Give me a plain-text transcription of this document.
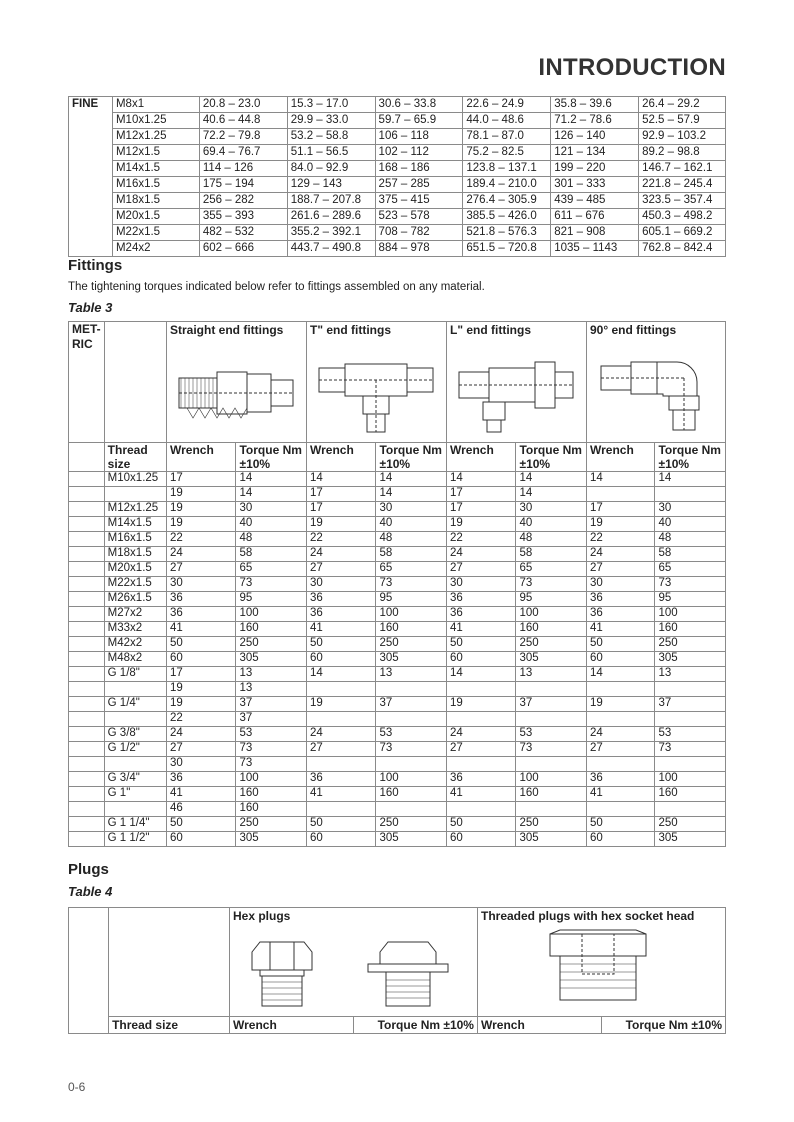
INTRODUCTION
FINE	M8x1	20.8 – 23.0	15.3 – 17.0	30.6 – 33.8	22.6 – 24.9	35.8 – 39.6	26.4 – 29.2
	M10x1.25	40.6 – 44.8	29.9 – 33.0	59.7 – 65.9	44.0 – 48.6	71.2 – 78.6	52.5 – 57.9
	M12x1.25	72.2 – 79.8	53.2 – 58.8	106 – 118	78.1 – 87.0	126 – 140	92.9 – 103.2
	M12x1.5	69.4 – 76.7	51.1 – 56.5	102 – 112	75.2 – 82.5	121 – 134	89.2 – 98.8
	M14x1.5	114 – 126	84.0 – 92.9	168 – 186	123.8 – 137.1	199 – 220	146.7 – 162.1
	M16x1.5	175 – 194	129 – 143	257 – 285	189.4 – 210.0	301 – 333	221.8 – 245.4
	M18x1.5	256 – 282	188.7 – 207.8	375 – 415	276.4 – 305.9	439 – 485	323.5 – 357.4
	M20x1.5	355 – 393	261.6 – 289.6	523 – 578	385.5 – 426.0	611 – 676	450.3 – 498.2
	M22x1.5	482 – 532	355.2 – 392.1	708 – 782	521.8 – 576.3	821 – 908	605.1 – 669.2
	M24x2	602 – 666	443.7 – 490.8	884 – 978	651.5 – 720.8	1035 – 1143	762.8 – 842.4
Fittings

The tightening torques indicated below refer to fittings assembled on any material.

Table 3

MET- RIC		Straight end fittings		T" end fittings		L" end fittings		90° end fittings	

	Thread size	Wrench	Torque Nm ±10%	Wrench	Torque Nm ±10%	Wrench	Torque Nm ±10%	Wrench	Torque Nm ±10%
	M10x1.25	17	14	14	14	14	14	14	14
		19	14	17	14	17	14		
	M12x1.25	19	30	17	30	17	30	17	30
	M14x1.5	19	40	19	40	19	40	19	40
	M16x1.5	22	48	22	48	22	48	22	48
	M18x1.5	24	58	24	58	24	58	24	58
	M20x1.5	27	65	27	65	27	65	27	65
	M22x1.5	30	73	30	73	30	73	30	73
	M26x1.5	36	95	36	95	36	95	36	95
	M27x2	36	100	36	100	36	100	36	100
	M33x2	41	160	41	160	41	160	41	160
	M42x2	50	250	50	250	50	250	50	250
	M48x2	60	305	60	305	60	305	60	305
	G 1/8"	17	13	14	13	14	13	14	13
		19	13						
	G 1/4"	19	37	19	37	19	37	19	37
		22	37						
	G 3/8"	24	53	24	53	24	53	24	53
	G 1/2"	27	73	27	73	27	73	27	73
		30	73						
	G 3/4"	36	100	36	100	36	100	36	100
	G 1"	41	160	41	160	41	160	41	160
		46	160						
	G 1 1/4"	50	250	50	250	50	250	50	250
	G 1 1/2"	60	305	60	305	60	305	60	305
Plugs

Table 4

		Hex plugs		Threaded plugs with hex socket head	

	Thread size	Wrench	Torque Nm ±10%	Wrench	Torque Nm ±10%
0-6
